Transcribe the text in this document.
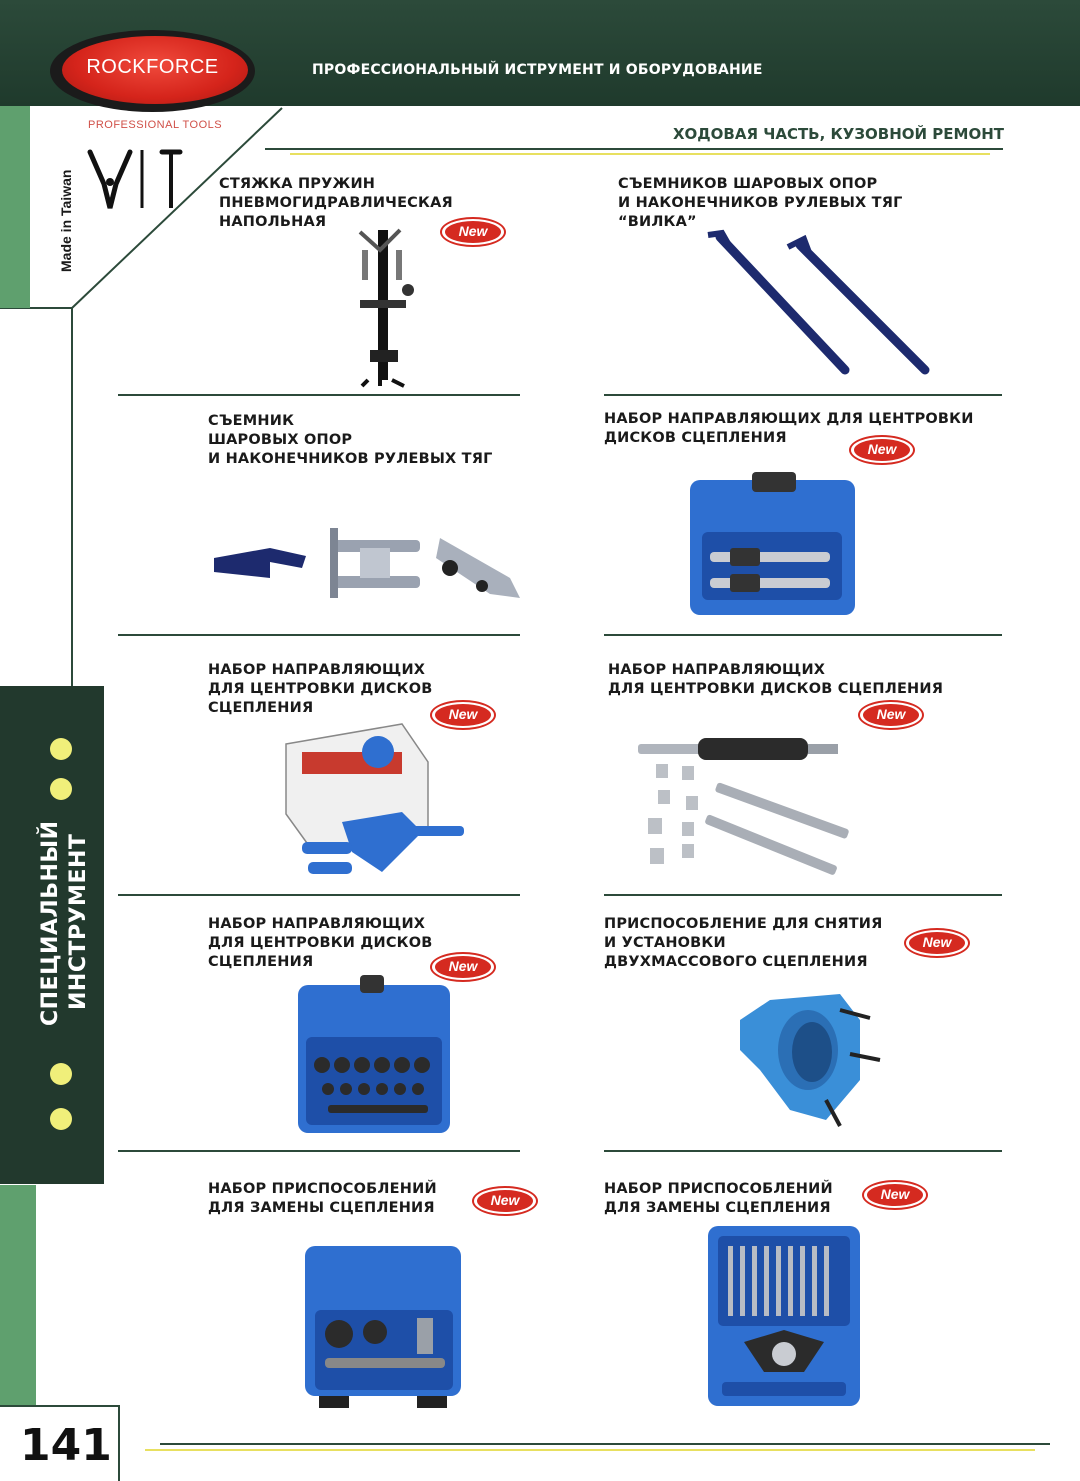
ROCKFORCE
PROFESSIONAL TOOLS
ПРОФЕССИОНАЛЬНЫЙ ИСТРУМЕНТ И ОБОРУДОВАНИЕ
Made in Taiwan
СПЕЦИАЛЬНЫЙ ИНСТРУМЕНТ
ХОДОВАЯ ЧАСТЬ, КУЗОВНОЙ РЕМОНТ
СТЯЖКА ПРУЖИН
ПНЕВМОГИДРАВЛИЧЕСКАЯ
НАПОЛЬНАЯ
New
СЪЕМНИКОВ ШАРОВЫХ ОПОР
И НАКОНЕЧНИКОВ РУЛЕВЫХ ТЯГ
“ВИЛКА”
СЪЕМНИК
ШАРОВЫХ ОПОР
И НАКОНЕЧНИКОВ РУЛЕВЫХ ТЯГ
НАБОР НАПРАВЛЯЮЩИХ ДЛЯ ЦЕНТРОВКИ
ДИСКОВ СЦЕПЛЕНИЯ
New
НАБОР НАПРАВЛЯЮЩИХ
ДЛЯ ЦЕНТРОВКИ ДИСКОВ
СЦЕПЛЕНИЯ	New
НАБОР НАПРАВЛЯЮЩИХ
ДЛЯ ЦЕНТРОВКИ ДИСКОВ СЦЕПЛЕНИЯ
New
НАБОР НАПРАВЛЯЮЩИХ
ДЛЯ ЦЕНТРОВКИ ДИСКОВ
СЦЕПЛЕНИЯ	New
ПРИСПОСОБЛЕНИЕ ДЛЯ СНЯТИЯ
И УСТАНОВКИ
ДВУХМАССОВОГО СЦЕПЛЕНИЯ
New
НАБОР ПРИСПОСОБЛЕНИЙ
ДЛЯ ЗАМЕНЫ СЦЕПЛЕНИЯ	New
НАБОР ПРИСПОСОБЛЕНИЙ
ДЛЯ ЗАМЕНЫ СЦЕПЛЕНИЯ
New
141
